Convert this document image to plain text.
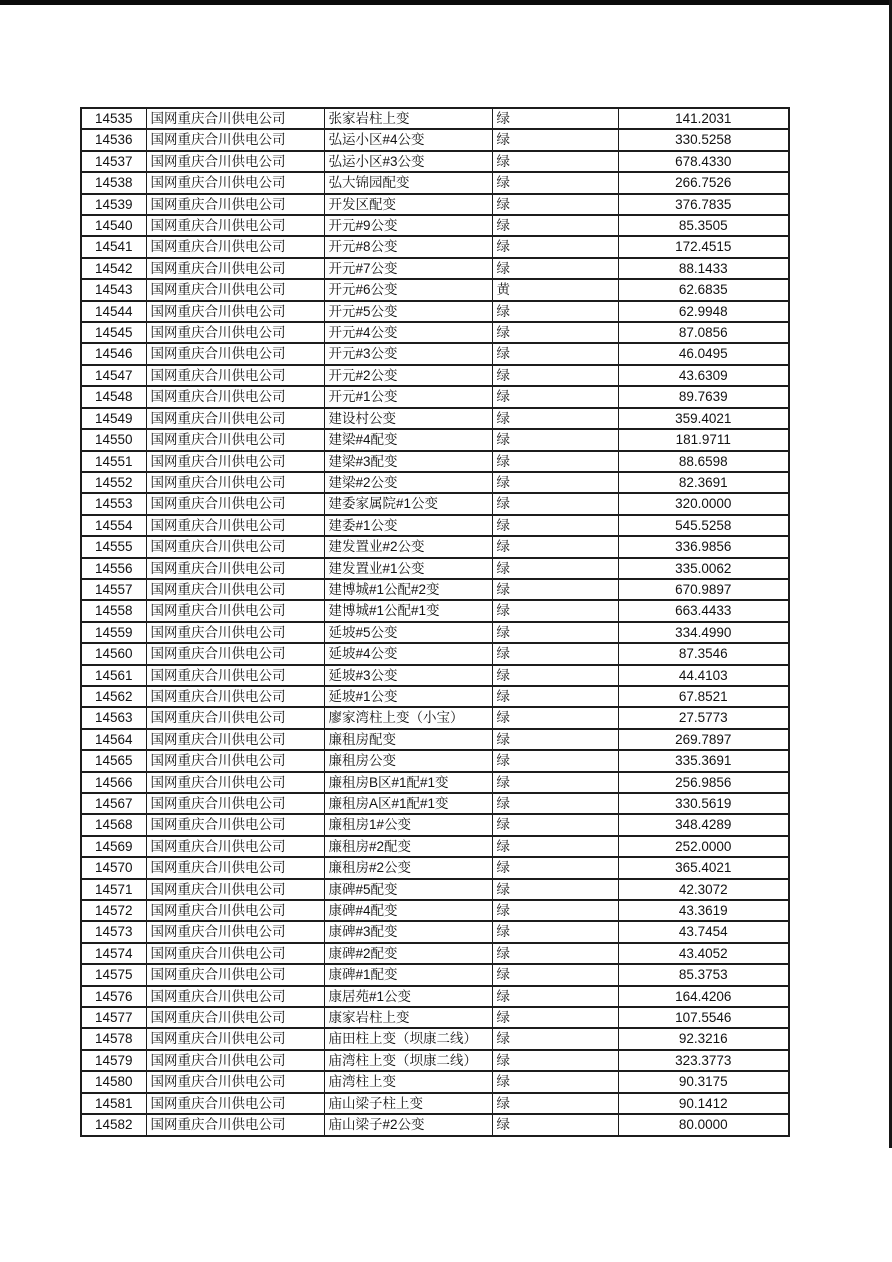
14535	国网重庆合川供电公司	张家岩柱上变	绿	141.2031
14536	国网重庆合川供电公司	弘运小区#4公变	绿	330.5258
14537	国网重庆合川供电公司	弘运小区#3公变	绿	678.4330
14538	国网重庆合川供电公司	弘大锦园配变	绿	266.7526
14539	国网重庆合川供电公司	开发区配变	绿	376.7835
14540	国网重庆合川供电公司	开元#9公变	绿	85.3505
14541	国网重庆合川供电公司	开元#8公变	绿	172.4515
14542	国网重庆合川供电公司	开元#7公变	绿	88.1433
14543	国网重庆合川供电公司	开元#6公变	黄	62.6835
14544	国网重庆合川供电公司	开元#5公变	绿	62.9948
14545	国网重庆合川供电公司	开元#4公变	绿	87.0856
14546	国网重庆合川供电公司	开元#3公变	绿	46.0495
14547	国网重庆合川供电公司	开元#2公变	绿	43.6309
14548	国网重庆合川供电公司	开元#1公变	绿	89.7639
14549	国网重庆合川供电公司	建设村公变	绿	359.4021
14550	国网重庆合川供电公司	建梁#4配变	绿	181.9711
14551	国网重庆合川供电公司	建梁#3配变	绿	88.6598
14552	国网重庆合川供电公司	建梁#2公变	绿	82.3691
14553	国网重庆合川供电公司	建委家属院#1公变	绿	320.0000
14554	国网重庆合川供电公司	建委#1公变	绿	545.5258
14555	国网重庆合川供电公司	建发置业#2公变	绿	336.9856
14556	国网重庆合川供电公司	建发置业#1公变	绿	335.0062
14557	国网重庆合川供电公司	建博城#1公配#2变	绿	670.9897
14558	国网重庆合川供电公司	建博城#1公配#1变	绿	663.4433
14559	国网重庆合川供电公司	延坡#5公变	绿	334.4990
14560	国网重庆合川供电公司	延坡#4公变	绿	87.3546
14561	国网重庆合川供电公司	延坡#3公变	绿	44.4103
14562	国网重庆合川供电公司	延坡#1公变	绿	67.8521
14563	国网重庆合川供电公司	廖家湾柱上变（小宝）	绿	27.5773
14564	国网重庆合川供电公司	廉租房配变	绿	269.7897
14565	国网重庆合川供电公司	廉租房公变	绿	335.3691
14566	国网重庆合川供电公司	廉租房B区#1配#1变	绿	256.9856
14567	国网重庆合川供电公司	廉租房A区#1配#1变	绿	330.5619
14568	国网重庆合川供电公司	廉租房1#公变	绿	348.4289
14569	国网重庆合川供电公司	廉租房#2配变	绿	252.0000
14570	国网重庆合川供电公司	廉租房#2公变	绿	365.4021
14571	国网重庆合川供电公司	康碑#5配变	绿	42.3072
14572	国网重庆合川供电公司	康碑#4配变	绿	43.3619
14573	国网重庆合川供电公司	康碑#3配变	绿	43.7454
14574	国网重庆合川供电公司	康碑#2配变	绿	43.4052
14575	国网重庆合川供电公司	康碑#1配变	绿	85.3753
14576	国网重庆合川供电公司	康居苑#1公变	绿	164.4206
14577	国网重庆合川供电公司	康家岩柱上变	绿	107.5546
14578	国网重庆合川供电公司	庙田柱上变（坝康二线）	绿	92.3216
14579	国网重庆合川供电公司	庙湾柱上变（坝康二线）	绿	323.3773
14580	国网重庆合川供电公司	庙湾柱上变	绿	90.3175
14581	国网重庆合川供电公司	庙山梁子柱上变	绿	90.1412
14582	国网重庆合川供电公司	庙山梁子#2公变	绿	80.0000
